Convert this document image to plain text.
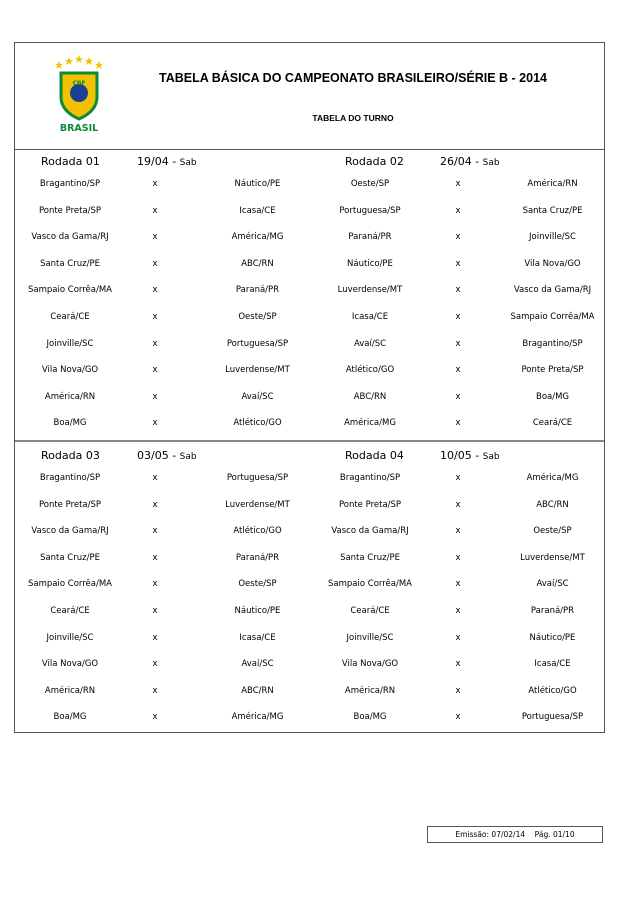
CBF
BRASIL
TABELA BÁSICA DO CAMPEONATO BRASILEIRO/SÉRIE B - 2014
TABELA DO TURNO
Rodada 01	19/04 - Sab	Rodada 02	26/04 - Sab
Bragantino/SP	x	Náutico/PE	Oeste/SP	x	América/RN
Ponte Preta/SP	x	Icasa/CE	Portuguesa/SP	x	Santa Cruz/PE
Vasco da Gama/RJ	x	América/MG	Paraná/PR	x	Joinville/SC
Santa Cruz/PE	x	ABC/RN	Náutico/PE	x	Vila Nova/GO
Sampaio Corrêa/MA	x	Paraná/PR	Luverdense/MT	x	Vasco da Gama/RJ
Ceará/CE	x	Oeste/SP	Icasa/CE	x	Sampaio Corrêa/MA
Joinville/SC	x	Portuguesa/SP	Avaí/SC	x	Bragantino/SP
Vila Nova/GO	x	Luverdense/MT	Atlético/GO	x	Ponte Preta/SP
América/RN	x	Avaí/SC	ABC/RN	x	Boa/MG
Boa/MG	x	Atlético/GO	América/MG	x	Ceará/CE
Rodada 03	03/05 - Sab	Rodada 04	10/05 - Sab
Bragantino/SP	x	Portuguesa/SP	Bragantino/SP	x	América/MG
Ponte Preta/SP	x	Luverdense/MT	Ponte Preta/SP	x	ABC/RN
Vasco da Gama/RJ	x	Atlético/GO	Vasco da Gama/RJ	x	Oeste/SP
Santa Cruz/PE	x	Paraná/PR	Santa Cruz/PE	x	Luverdense/MT
Sampaio Corrêa/MA	x	Oeste/SP	Sampaio Corrêa/MA	x	Avaí/SC
Ceará/CE	x	Náutico/PE	Ceará/CE	x	Paraná/PR
Joinville/SC	x	Icasa/CE	Joinville/SC	x	Náutico/PE
Vila Nova/GO	x	Avaí/SC	Vila Nova/GO	x	Icasa/CE
América/RN	x	ABC/RN	América/RN	x	Atlético/GO
Boa/MG	x	América/MG	Boa/MG	x	Portuguesa/SP
Emissão: 07/02/14 Pág. 01/10
